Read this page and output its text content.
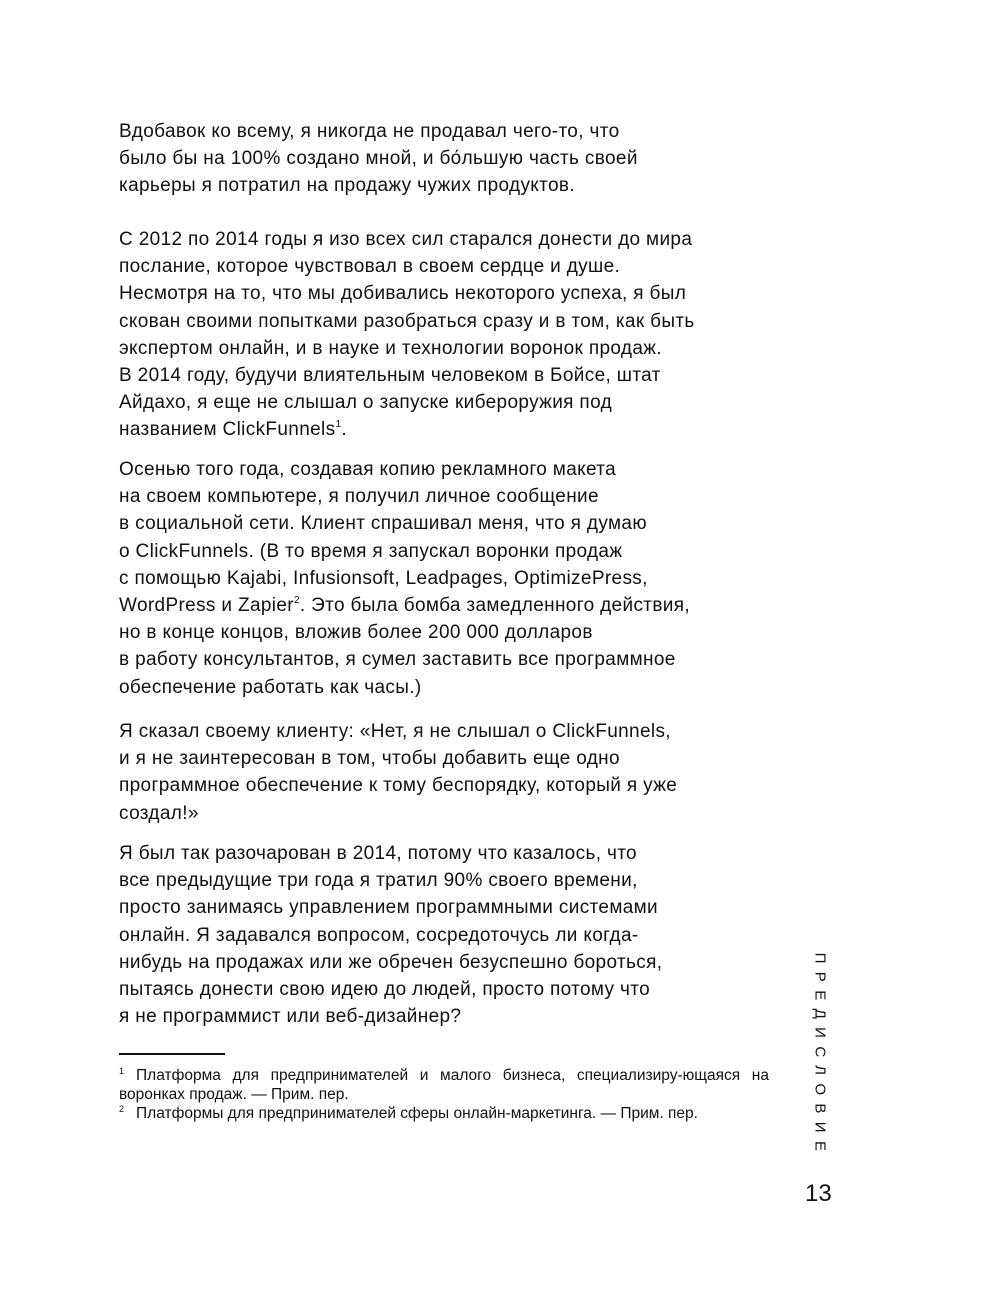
Вдобавок ко всему, я никогда не продавал чего-то, что
было бы на 100% создано мной, и бо́льшую часть своей
карьеры я потратил на продажу чужих продуктов.
С 2012 по 2014 годы я изо всех сил старался донести до мира
послание, которое чувствовал в своем сердце и душе.
Несмотря на то, что мы добивались некоторого успеха, я был
скован своими попытками разобраться сразу и в том, как быть
экспертом онлайн, и в науке и технологии воронок продаж.
В 2014 году, будучи влиятельным человеком в Бойсе, штат
Айдахо, я еще не слышал о запуске кибероружия под
названием ClickFunnels$^1$.
Осенью того года, создавая копию рекламного макета
на своем компьютере, я получил личное сообщение
в социальной сети. Клиент спрашивал меня, что я думаю
о ClickFunnels. (В то время я запускал воронки продаж
с помощью Kajabi, Infusionsoft, Leadpages, OptimizePress,
WordPress и Zapier$^2$. Это была бомба замедленного действия,
но в конце концов, вложив более 200 000 долларов
в работу консультантов, я сумел заставить все программное
обеспечение работать как часы.)
Я сказал своему клиенту: «Нет, я не слышал о ClickFunnels,
и я не заинтересован в том, чтобы добавить еще одно
программное обеспечение к тому беспорядку, который я уже
создал!»
Я был так разочарован в 2014, потому что казалось, что
все предыдущие три года я тратил 90% своего времени,
просто занимаясь управлением программными системами
онлайн. Я задавался вопросом, сосредоточусь ли когда-
нибудь на продажах или же обречен безуспешно бороться,
пытаясь донести свою идею до людей, просто потому что
я не программист или веб-дизайнер?
$^1$ Платформа для предпринимателей и малого бизнеса, специализиру-ющаяся на воронках продаж. — Прим. пер.
$^2$ Платформы для предпринимателей сферы онлайн-маркетинга. — Прим. пер.	ПРЕДИСЛОВИЕ
13
